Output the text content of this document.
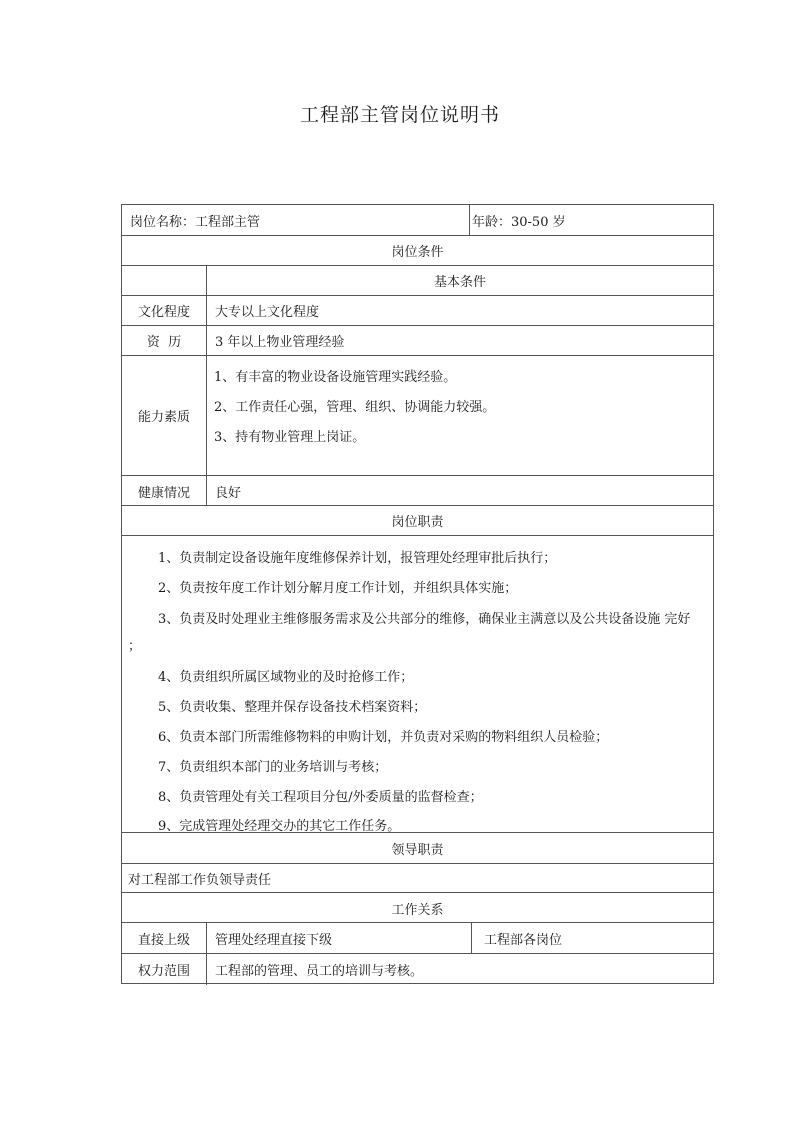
工程部主管岗位说明书
岗位名称：工程部主管	年龄：30-50 岁
岗位条件
基本条件
文化程度	大专以上文化程度
资  历	3 年以上物业管理经验
能力素质
1、有丰富的物业设备设施管理实践经验。
2、工作责任心强，管理、组织、协调能力较强。
3、持有物业管理上岗证。
健康情况	良好
岗位职责
1、负责制定设备设施年度维修保养计划，报管理处经理审批后执行；
2、负责按年度工作计划分解月度工作计划，并组织具体实施；
3、负责及时处理业主维修服务需求及公共部分的维修，确保业主满意以及公共设备设施 完好
；
4、负责组织所属区域物业的及时抢修工作；
5、负责收集、整理并保存设备技术档案资料；
6、负责本部门所需维修物料的申购计划，并负责对采购的物料组织人员检验；
7、负责组织本部门的业务培训与考核；
8、负责管理处有关工程项目分包/外委质量的监督检查；
9、完成管理处经理交办的其它工作任务。
领导职责
对工程部工作负领导责任
工作关系
直接上级	管理处经理直接下级	工程部各岗位
权力范围	工程部的管理、员工的培训与考核。
